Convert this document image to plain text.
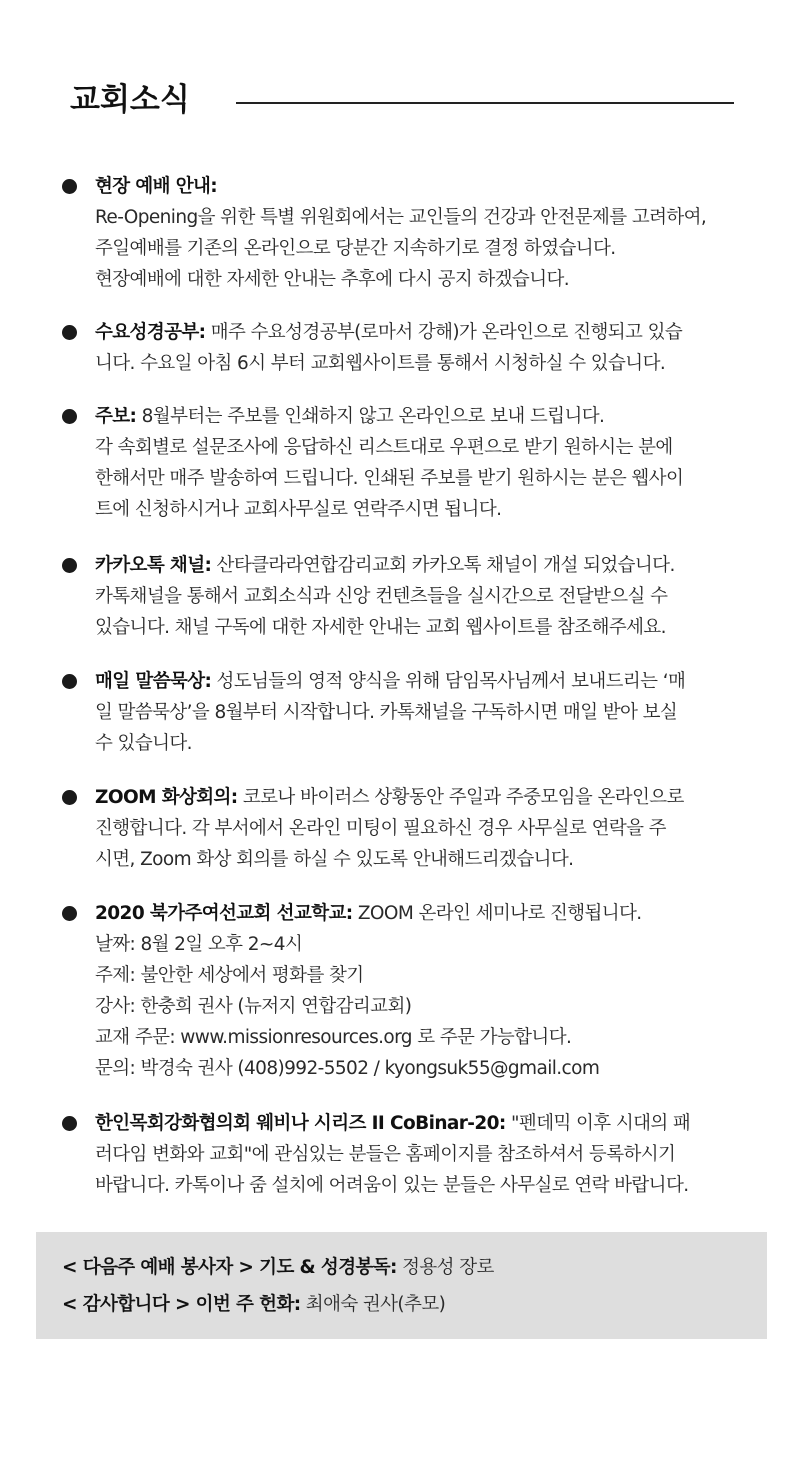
교회소식
현장 예배 안내:
Re-Opening을 위한 특별 위원회에서는 교인들의 건강과 안전문제를 고려하여,
주일예배를 기존의 온라인으로 당분간 지속하기로 결정 하였습니다.
현장예배에 대한 자세한 안내는 추후에 다시 공지 하겠습니다.
수요성경공부: 매주 수요성경공부(로마서 강해)가 온라인으로 진행되고 있습
니다. 수요일 아침 6시 부터 교회웹사이트를 통해서 시청하실 수 있습니다.
주보: 8월부터는 주보를 인쇄하지 않고 온라인으로 보내 드립니다.
각 속회별로 설문조사에 응답하신 리스트대로 우편으로 받기 원하시는 분에
한해서만 매주 발송하여 드립니다. 인쇄된 주보를 받기 원하시는 분은 웹사이
트에 신청하시거나 교회사무실로 연락주시면 됩니다.
카카오톡 채널: 산타클라라연합감리교회 카카오톡 채널이 개설 되었습니다.
카톡채널을 통해서 교회소식과 신앙 컨텐츠들을 실시간으로 전달받으실 수
있습니다. 채널 구독에 대한 자세한 안내는 교회 웹사이트를 참조해주세요.
매일 말씀묵상: 성도님들의 영적 양식을 위해 담임목사님께서 보내드리는 ‘매
일 말씀묵상’을 8월부터 시작합니다. 카톡채널을 구독하시면 매일 받아 보실
수 있습니다.
ZOOM 화상회의: 코로나 바이러스 상황동안 주일과 주중모임을 온라인으로
진행합니다. 각 부서에서 온라인 미팅이 필요하신 경우 사무실로 연락을 주
시면, Zoom 화상 회의를 하실 수 있도록 안내해드리겠습니다.
2020 북가주여선교회 선교학교: ZOOM 온라인 세미나로 진행됩니다.
날짜: 8월 2일 오후 2~4시
주제: 불안한 세상에서 평화를 찾기
강사: 한충희 권사 (뉴저지 연합감리교회)
교재 주문: www.missionresources.org 로 주문 가능합니다.
문의: 박경숙 권사 (408)992-5502 / kyongsuk55@gmail.com
한인목회강화협의회 웨비나 시리즈 II CoBinar-20: "펜데믹 이후 시대의 패
러다임 변화와 교회"에 관심있는 분들은 홈페이지를 참조하셔서 등록하시기
바랍니다. 카톡이나 줌 설치에 어려움이 있는 분들은 사무실로 연락 바랍니다.
< 다음주 예배 봉사자 > 기도 & 성경봉독: 정용성 장로
< 감사합니다 > 이번 주 헌화: 최애숙 권사(추모)
